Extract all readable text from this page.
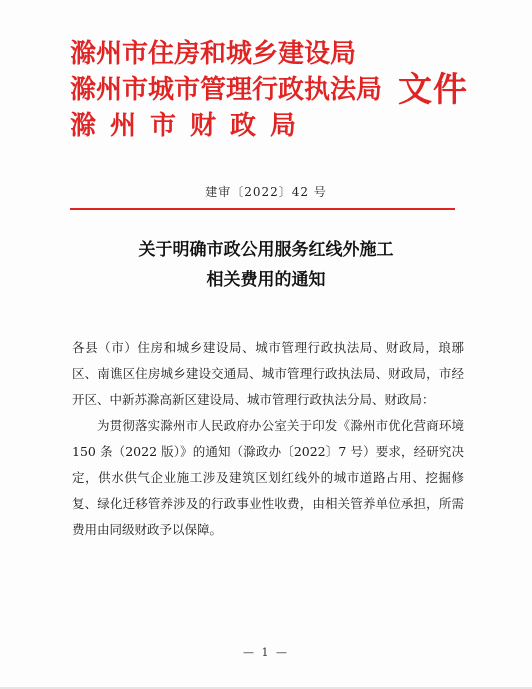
滁州市住房和城乡建设局
滁州市城市管理行政执法局
滁州市财政局
文件
建审〔2022〕42 号
关于明确市政公用服务红线外施工
相关费用的通知

各县（市）住房和城乡建设局、城市管理行政执法局、财政局，琅琊区、南谯区住房城乡建设交通局、城市管理行政执法局、财政局，市经开区、中新苏滁高新区建设局、城市管理行政执法分局、财政局：

为贯彻落实滁州市人民政府办公室关于印发《滁州市优化营商环境 150 条（2022 版）》的通知（滁政办〔2022〕7 号）要求，经研究决定，供水供气企业施工涉及建筑区划红线外的城市道路占用、挖掘修复、绿化迁移管养涉及的行政事业性收费，由相关管养单位承担，所需费用由同级财政予以保障。

— 1 —
